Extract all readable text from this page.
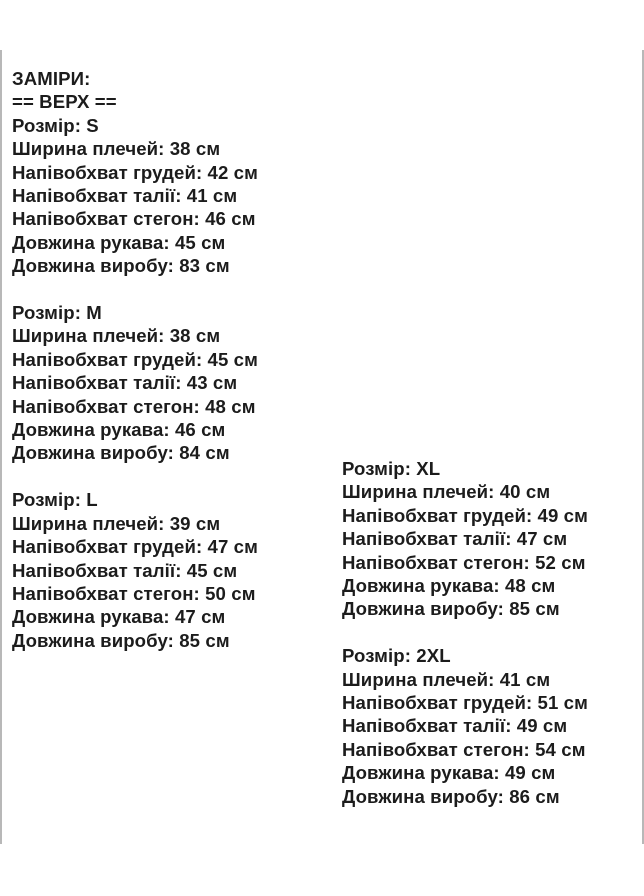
ЗАМІРИ:
== ВЕРХ ==
Розмір: S
Ширина плечей: 38 см
Напівобхват грудей: 42 см
Напівобхват талії: 41 см
Напівобхват стегон: 46 см
Довжина рукава: 45 см
Довжина виробу: 83 см
Розмір: M
Ширина плечей: 38 см
Напівобхват грудей: 45 см
Напівобхват талії: 43 см
Напівобхват стегон: 48 см
Довжина рукава: 46 см
Довжина виробу: 84 см
Розмір: L
Ширина плечей: 39 см
Напівобхват грудей: 47 см
Напівобхват талії: 45 см
Напівобхват стегон: 50 см
Довжина рукава: 47 см
Довжина виробу: 85 см
Розмір: XL
Ширина плечей: 40 см
Напівобхват грудей: 49 см
Напівобхват талії: 47 см
Напівобхват стегон: 52 см
Довжина рукава: 48 см
Довжина виробу: 85 см
Розмір: 2XL
Ширина плечей: 41 см
Напівобхват грудей: 51 см
Напівобхват талії: 49 см
Напівобхват стегон: 54 см
Довжина рукава: 49 см
Довжина виробу: 86 см
